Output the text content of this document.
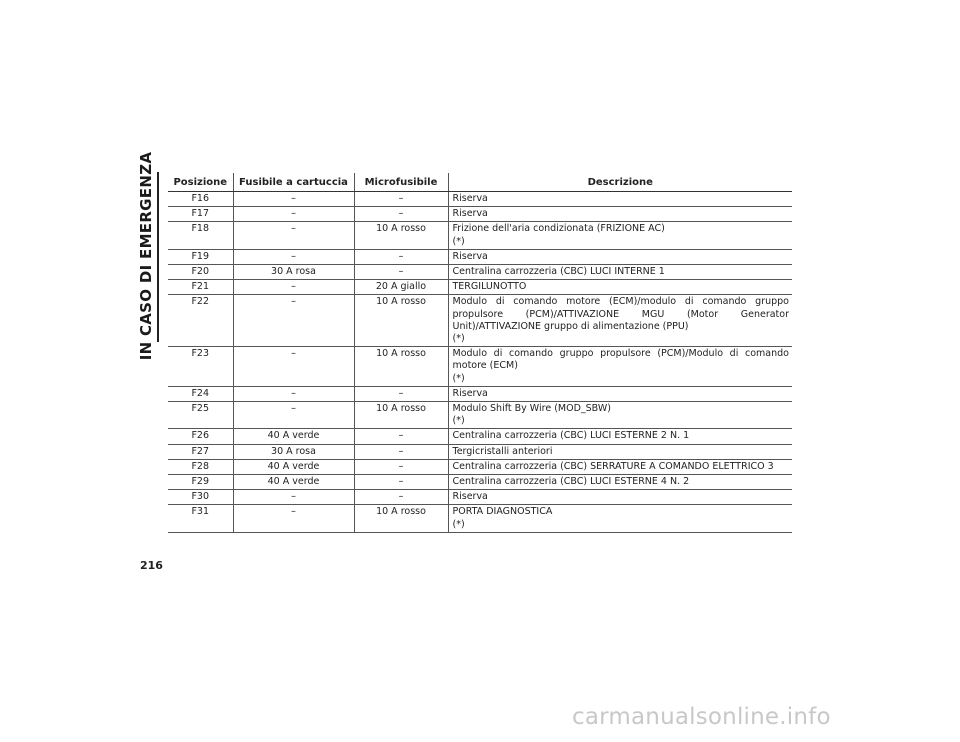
IN CASO DI EMERGENZA Posizione	Fusibile a cartuccia	Microfusibile	Descrizione
F16	–	–	Riserva

F17	–	–	Riserva

F18	–	10 A rosso	Frizione dell'aria condizionata (FRIZIONE AC)
(*)

F19	–	–	Riserva

F20	30 A rosa	–	Centralina carrozzeria (CBC) LUCI INTERNE 1

F21	–	20 A giallo	TERGILUNOTTO

F22	–	10 A rosso	Modulo di comando motore (ECM)/modulo di comando gruppo propulsore (PCM)/ATTIVAZIONE MGU (Motor Generator Unit)/ATTIVAZIONE gruppo di alimentazione (PPU)
(*)

F23	–	10 A rosso	Modulo di comando gruppo propulsore (PCM)/Modulo di comando motore (ECM)
(*)

F24	–	–	Riserva

F25	–	10 A rosso	Modulo Shift By Wire (MOD_SBW)
(*)

F26	40 A verde	–	Centralina carrozzeria (CBC) LUCI ESTERNE 2 N. 1

F27	30 A rosa	–	Tergicristalli anteriori

F28	40 A verde	–	Centralina carrozzeria (CBC) SERRATURE A COMANDO ELETTRICO 3

F29	40 A verde	–	Centralina carrozzeria (CBC) LUCI ESTERNE 4 N. 2

F30	–	–	Riserva

F31	–	10 A rosso	PORTA DIAGNOSTICA
(*)
216
carmanualsonline.info
